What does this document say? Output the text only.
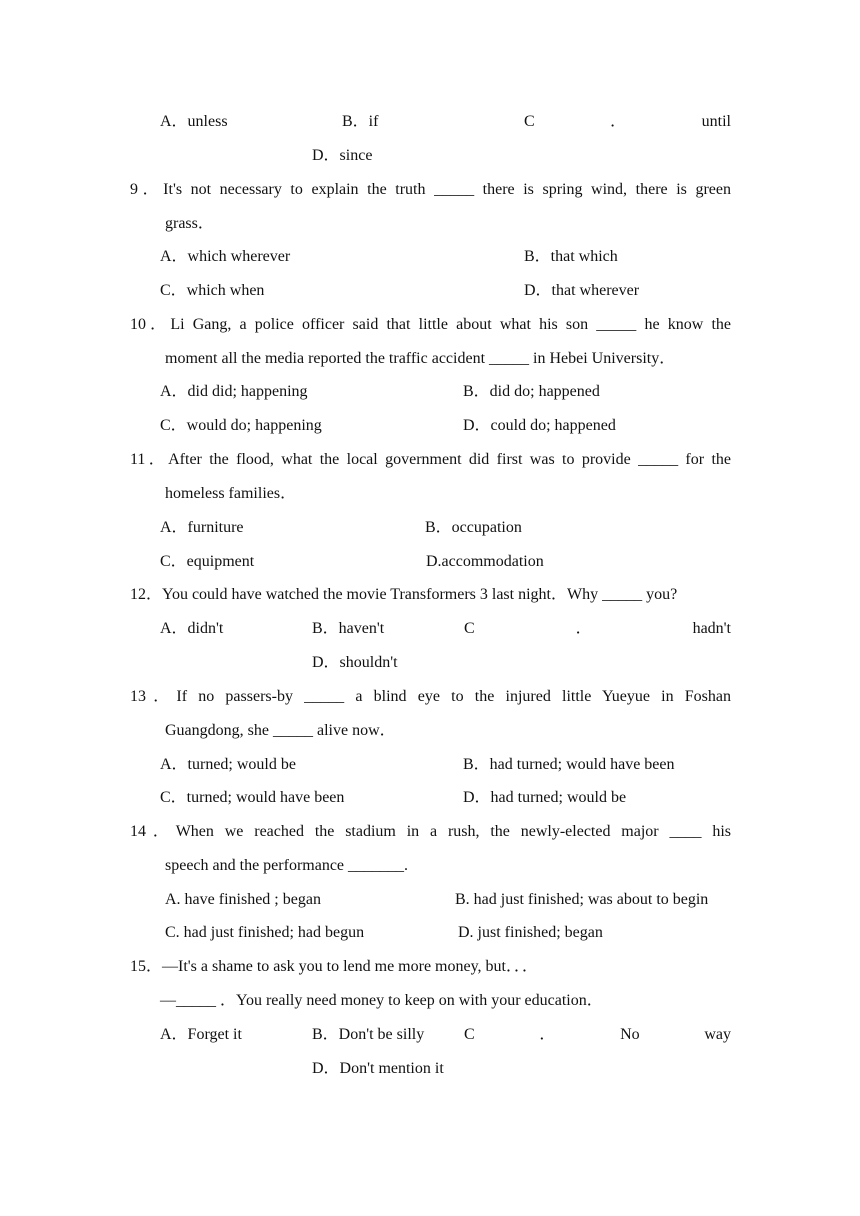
A．unless	B．if	C	．	until
D．since
9．It's not necessary to explain the truth _____ there is spring wind, there is green
grass．
A．which wherever	B．that which
C．which when	D．that wherever
10．Li Gang, a police officer said that little about what his son _____ he know the
moment all the media reported the traffic accident _____ in Hebei University．
A．did did; happening	B．did do; happened
C．would do; happening	D．could do; happened
11．After the flood, what the local government did first was to provide _____ for the
homeless families．
A．furniture	B．occupation
C．equipment	D.accommodation
12．You could have watched the movie Transformers 3 last night．Why _____ you?
A．didn't	B．haven't	C	．	hadn't
D．shouldn't
13．If no passers-by _____ a blind eye to the injured little Yueyue in Foshan
Guangdong, she _____ alive now．
A．turned; would be	B．had turned; would have been
C．turned; would have been	D．had turned; would be
14．When we reached the stadium in a rush, the newly-elected major ____ his
speech and the performance _______.
A. have finished ; began	B. had just finished; was about to begin
C. had just finished; had begun	D. just finished; began
15．—It's a shame to ask you to lend me more money, but．．．
—_____ ．You really need money to keep on with your education．
A．Forget it	B．Don't be silly C	．	No	way
D．Don't mention it
